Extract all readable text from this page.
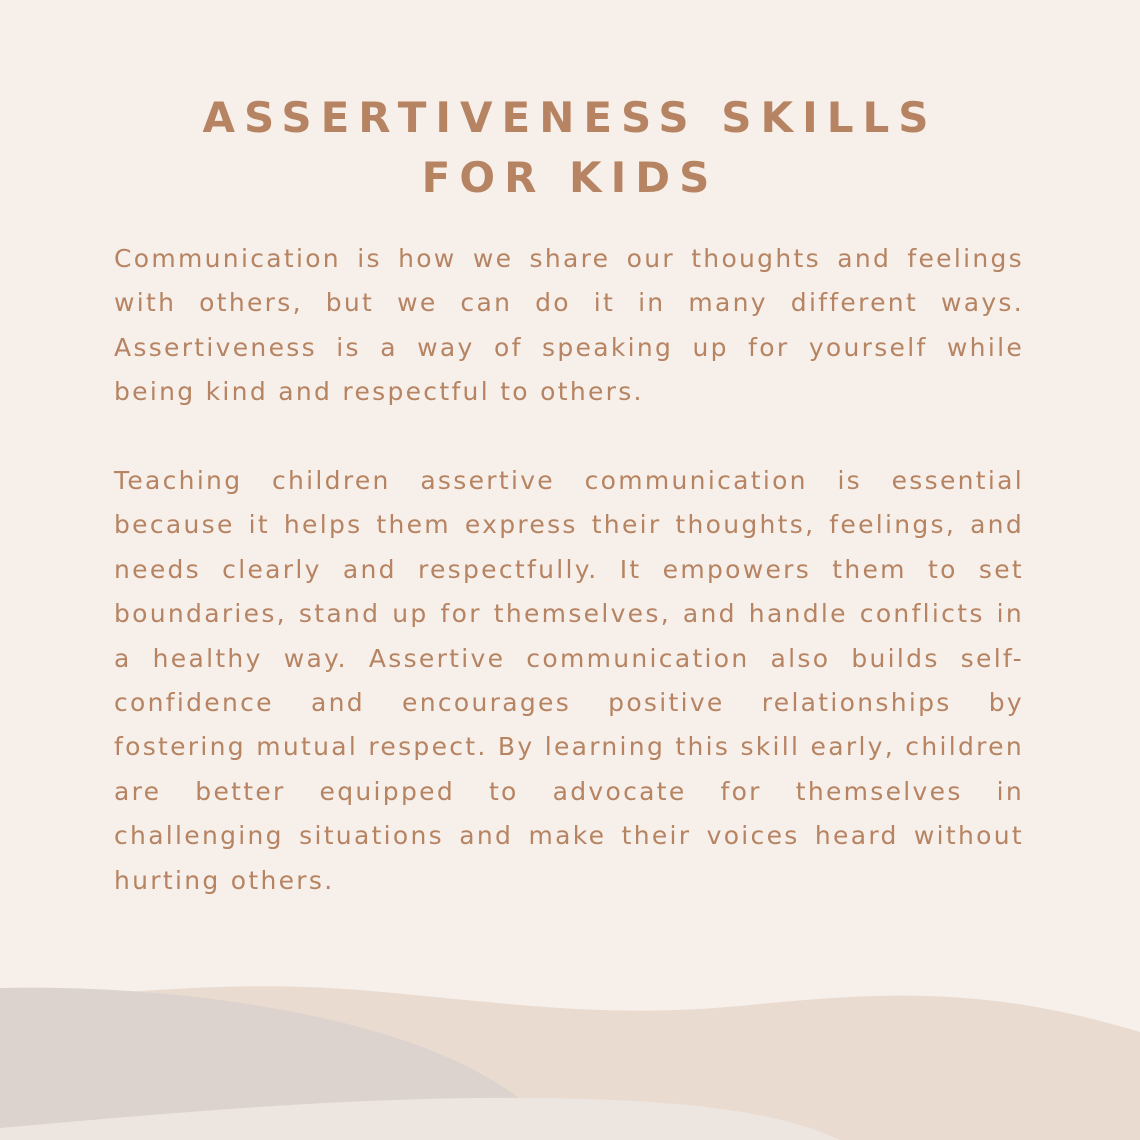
ASSERTIVENESS SKILLS
FOR KIDS

Communication is how we share our thoughts and feelings with others, but we can do it in many different ways. Assertiveness is a way of speaking up for yourself while being kind and respectful to others.

Teaching children assertive communication is essential because it helps them express their thoughts, feelings, and needs clearly and respectfully. It empowers them to set boundaries, stand up for themselves, and handle conflicts in a healthy way. Assertive communication also builds self-confidence and encourages positive relationships by fostering mutual respect. By learning this skill early, children are better equipped to advocate for themselves in challenging situations and make their voices heard without hurting others.
